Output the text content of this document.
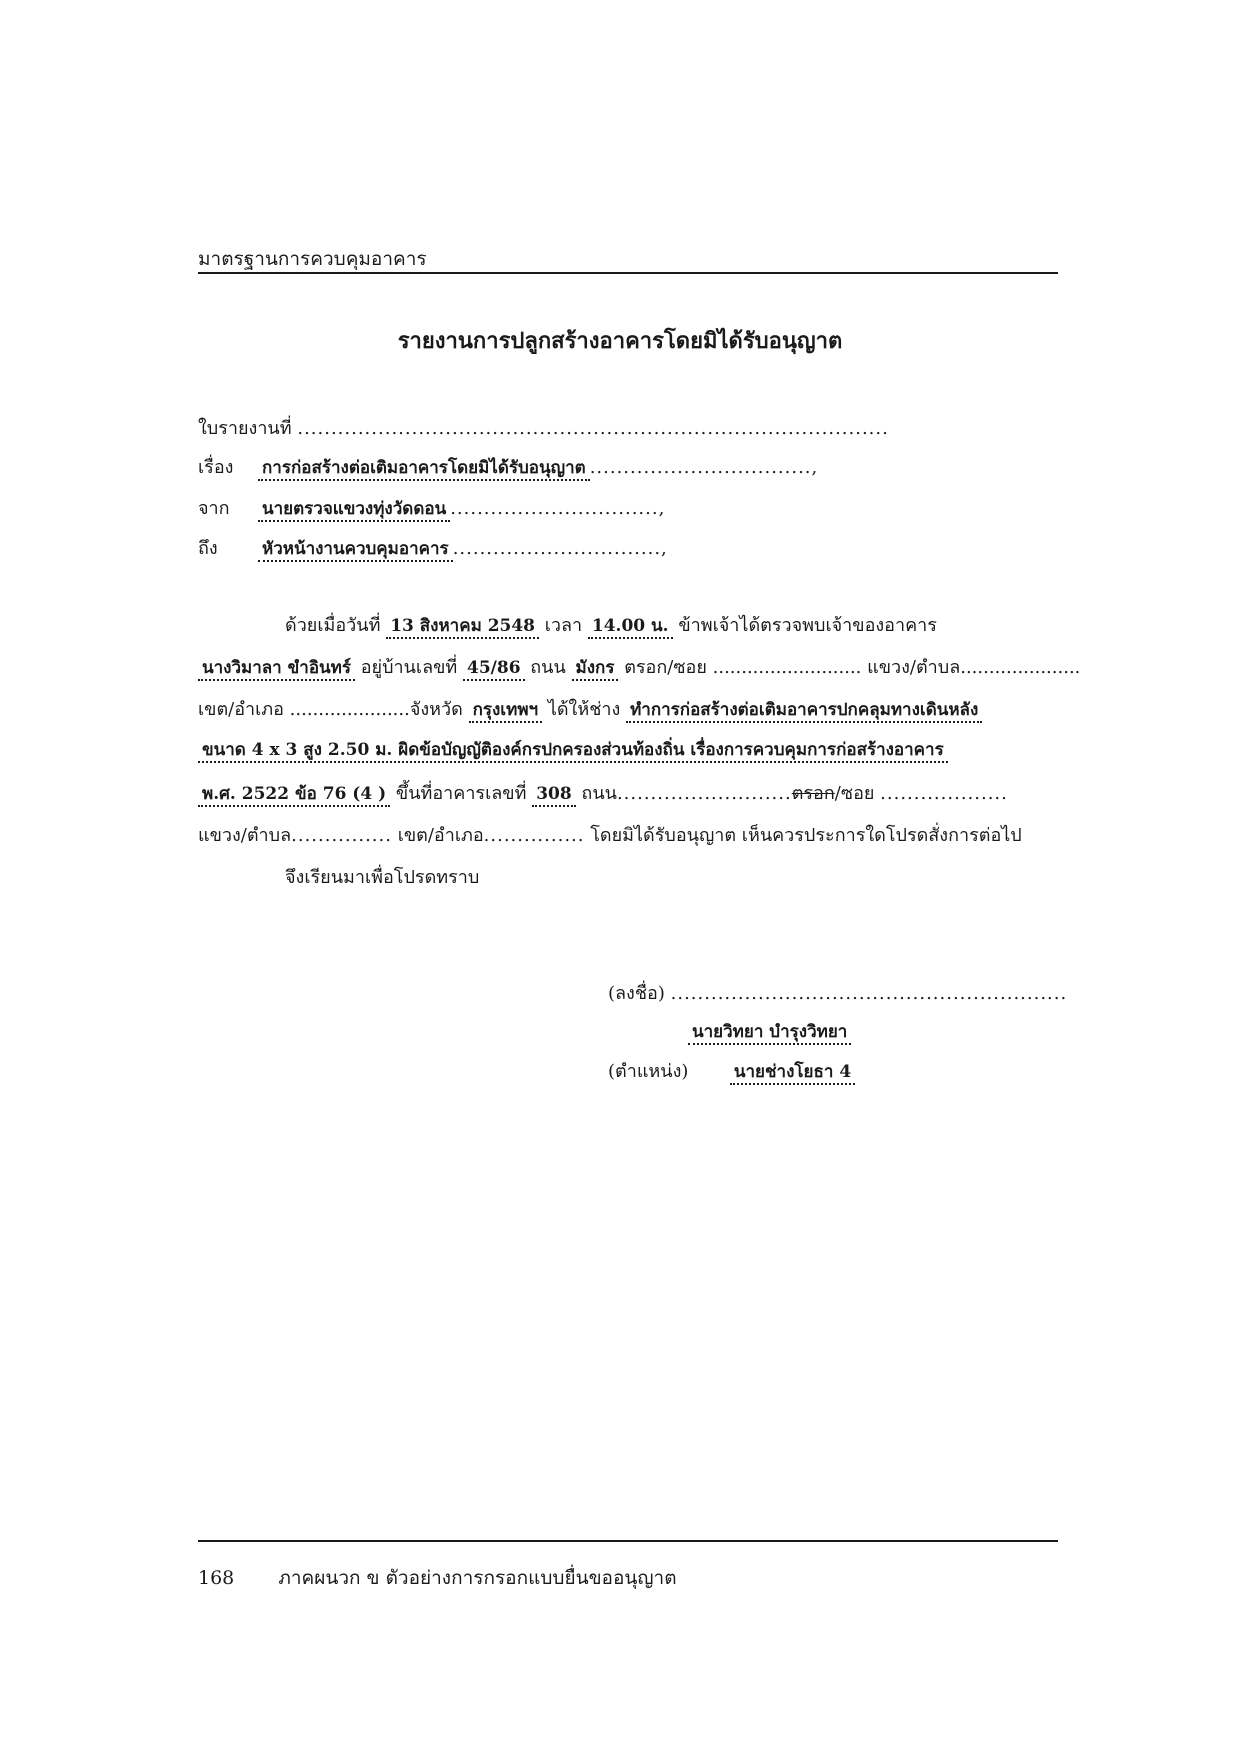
มาตรฐานการควบคุมอาคาร
รายงานการปลูกสร้างอาคารโดยมิได้รับอนุญาต
ใบรายงานที่ ........................................................................................
เรื่อง การก่อสร้างต่อเติมอาคารโดยมิได้รับอนุญาต .................................,
จาก นายตรวจแขวงทุ่งวัดดอน ...............................,
ถึง	หัวหน้างานควบคุมอาคาร ...............................,
ด้วยเมื่อวันที่ 13 สิงหาคม 2548 เวลา 14.00 น. ข้าพเจ้าได้ตรวจพบเจ้าของอาคาร
นางวิมาลา ขำอินทร์ อยู่บ้านเลขที่ 45/86 ถนน มังกร ตรอก/ซอย .......................... แขวง/ตำบล.....................
เขต/อำเภอ .....................จังหวัด กรุงเทพฯ ได้ให้ช่าง ทำการก่อสร้างต่อเติมอาคารปกคลุมทางเดินหลัง
ขนาด 4 x 3 สูง 2.50 ม. ผิดข้อบัญญัติองค์กรปกครองส่วนท้องถิ่น เรื่องการควบคุมการก่อสร้างอาคาร
พ.ศ. 2522 ข้อ 76 (4 ) ขึ้นที่อาคารเลขที่ 308 ถนน..........................ตรอก/ซอย ...................
แขวง/ตำบล............... เขต/อำเภอ............... โดยมิได้รับอนุญาต เห็นควรประการใดโปรดสั่งการต่อไป
จึงเรียนมาเพื่อโปรดทราบ
(ลงชื่อ) ...........................................................
นายวิทยา บำรุงวิทยา
(ตำแหน่ง)	นายช่างโยธา 4
168 ภาคผนวก ข ตัวอย่างการกรอกแบบยื่นขออนุญาต
